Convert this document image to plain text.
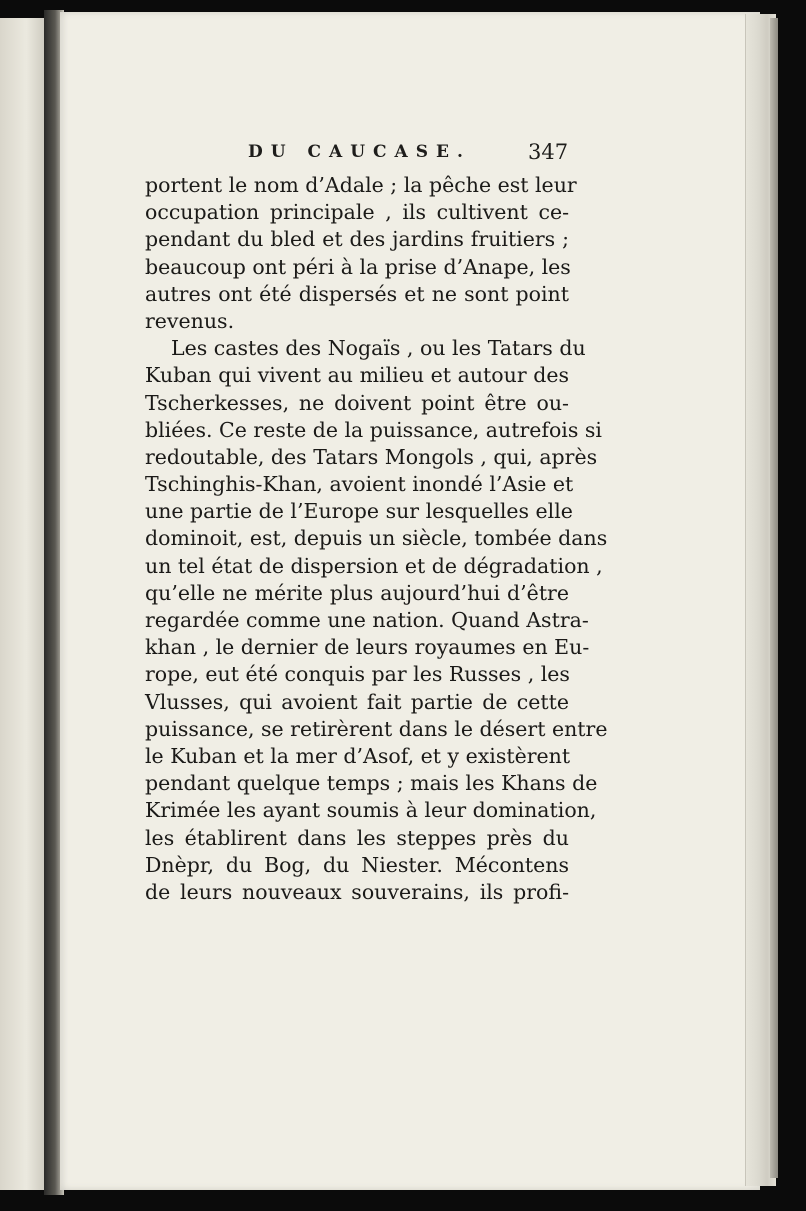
DU CAUCASE.	347
portent le nom d’Adale ; la pêche est leur
occupation principale , ils cultivent ce-
pendant du bled et des jardins fruitiers ;
beaucoup ont péri à la prise d’Anape, les
autres ont été dispersés et ne sont point
revenus.
Les castes des Nogaïs , ou les Tatars du
Kuban qui vivent au milieu et autour des
Tscherkesses, ne doivent point être ou-
bliées. Ce reste de la puissance, autrefois si
redoutable, des Tatars Mongols , qui, après
Tschinghis-Khan, avoient inondé l’Asie et
une partie de l’Europe sur lesquelles elle
dominoit, est, depuis un siècle, tombée dans
un tel état de dispersion et de dégradation ,
qu’elle ne mérite plus aujourd’hui d’être
regardée comme une nation. Quand Astra-
khan , le dernier de leurs royaumes en Eu-
rope, eut été conquis par les Russes , les
Vlusses, qui avoient fait partie de cette
puissance, se retirèrent dans le désert entre
le Kuban et la mer d’Asof, et y existèrent
pendant quelque temps ; mais les Khans de
Krimée les ayant soumis à leur domination,
les établirent dans les steppes près du
Dnèpr, du Bog, du Niester. Mécontens
de leurs nouveaux souverains, ils profi-
